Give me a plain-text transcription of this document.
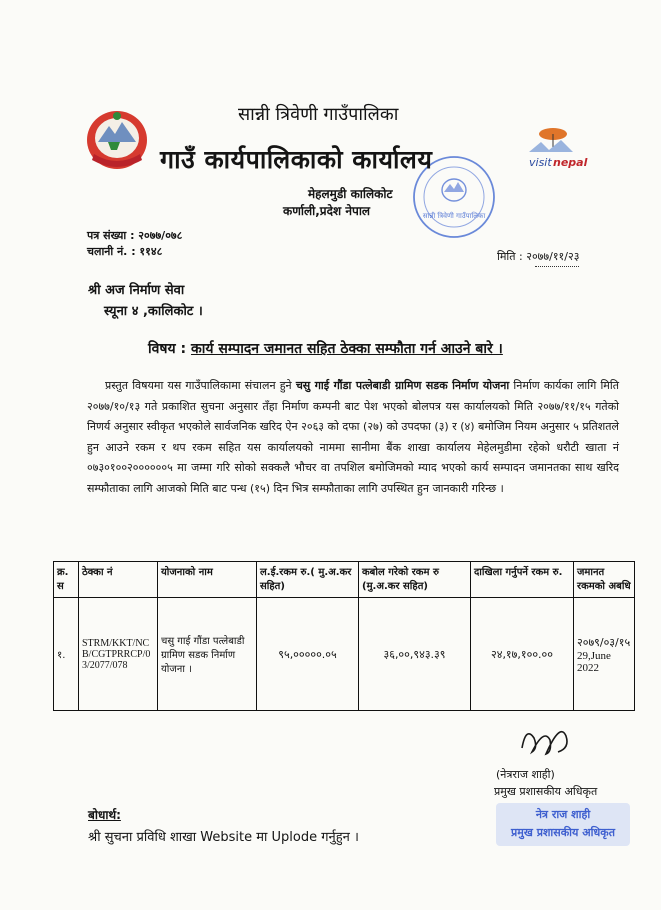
visit nepal
सान्नी त्रिवेणी गाउँपालिका
सान्नी त्रिवेणी गाउँपालिका
गाउँ कार्यपालिकाको कार्यालय
मेहलमुडी कालिकोट
कर्णाली,प्रदेश नेपाल
पत्र संख्या : २०७७/०७८
चलानी नं. : ११४८	मिति : २०७७/११/२३
श्री अज निर्माण सेवा
स्यूना ४ ,कालिकोट ।
विषय : कार्य सम्पादन जमानत सहित ठेक्का सम्फौता गर्न आउने बारे ।
प्रस्तुत विषयमा यस गाउँपालिकामा संचालन हुने चसु गाई गौंडा पत्लेबाडी ग्रामिण सडक निर्माण योजना निर्माण कार्यका लागि मिति २०७७/१०/१३ गते प्रकाशित सुचना अनुसार तँहा निर्माण कम्पनी बाट पेश भएको बोलपत्र यस कार्यालयको मिति २०७७/११/१५ गतेको निणर्य अनुसार स्वीकृत भएकोले सार्वजनिक खरिद ऐन २०६३ को दफा (२७) को उपदफा (३) र (४) बमोजिम नियम अनुसार ५ प्रतिशतले हुन आउने रकम र थप रकम सहित यस कार्यालयको नाममा सानीमा बैंक शाखा कार्यालय मेहेलमुडीमा रहेको धरौटी खाता नं ०७३०१००२००००००५ मा जम्मा गरि सोको सक्कलै भौचर वा तपशिल बमोजिमको म्याद भएको कार्य सम्पादन जमानतका साथ खरिद सम्फौताका लागि आजको मिति बाट पन्ध (१५) दिन भित्र सम्फौताका लागि उपस्थित हुन जानकारी गरिन्छ ।
क्र. स	ठेक्का नं	योजनाको नाम	ल.ई.रकम रु.( मु.अ.कर सहित)	कबोल गरेको रकम रु (मु.अ.कर सहित)	दाखिला गर्नुपर्ने रकम रु.	जमानत रकमको अबधि
१.	STRM/KKT/NCB/CGTPRRCP/03/2077/078	चसु गाई गौंडा पत्लेबाडी ग्रामिण सडक निर्माण योजना ।	९५,०००००.०५	३६,००,९४३.३९	२४,१७,१००.००	२०७९/०३/१५
29,June 2022
(नेत्रराज शाही)
प्रमुख प्रशासकीय अधिकृत
नेत्र राज शाही
प्रमुख प्रशासकीय अधिकृत
बोधार्थ:
श्री सुचना प्रविधि शाखा Website मा Uplode गर्नुहुन ।
